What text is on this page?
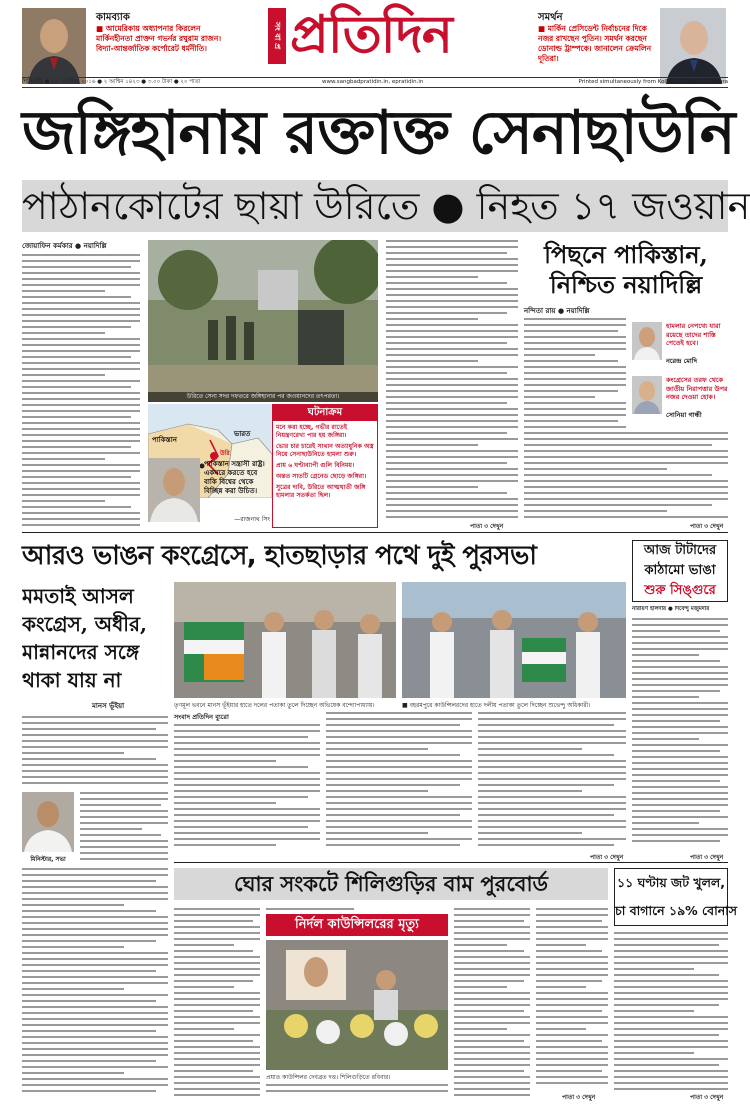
কামব্যাক
■ আমেরিকায় অধ্যাপনার কিরলেন মার্কিনহীনতা প্রাক্তন গভর্নর রঘুরাম রাজন। বিদ্যা-আন্তর্জাতিক কর্পোরেট ধর্মনীতি।	সং বা প্র প্রতিদিন	সমর্থন
■ মার্কিন প্রেসিডেন্ট নির্বাচনের দিকে নজর রাখছেন পুতিন। সমর্থন করছেন ডোনাল্ড ট্রাম্পকে। জানালেন ক্রেমলিন দূতিরা।
শিলিগুড়ি ● ১৯ সেপ্টেম্বর ২০১৬ ● ২ আশ্বিন ১৪২৩ ● ৩.০০ টাকা ● ২০ পাতা	www.sangbadpratidin.in, epratidin.in	Printed simultaneously from Kolkata, Siliguri & Barjora
জঙ্গিহানায় রক্তাক্ত সেনাছাউনি
পাঠানকোটের ছায়া উরিতে ● নিহত ১৭ জওয়ান
জোয়াফিন কর্মকার ● নয়াদিল্লি
উরিতে সেনা সদর দফতরে জঙ্গিহানার পর জওয়ানদের তৎপরতা।
পাকিস্তান
ভারত
উরি
ঘটনাক্রম
মনে করা হচ্ছে, গভীর রাতেই নিয়ন্ত্রণরেখা পার হয় জঙ্গিরা।
ভোর চার চারেই সাথান অত্যাধুনিক অস্ত্র নিয়ে সেনাছাউনিতে হামলা শুরু।
প্রায় ৬ ঘণ্টাব্যাপী গুলি বিনিময়।
অন্তত সাতটি গ্রেনেড ছোড়ে জঙ্গিরা।
সুত্রের দাবি, উরিতে আত্মঘাতী জঙ্গি হামলার সতর্কতা ছিল।
পাকিস্তান সন্ত্রাসী রাষ্ট্র। একঘরে করতে হবে বাকি বিশ্বের থেকে বিচ্ছিন্ন করা উচিত।
—রাজনাথ সিং
পাতা ৩ দেখুন
পিছনে পাকিস্তান,
নিশ্চিত নয়াদিল্লি
নন্দিতা রায় ● নয়াদিল্লি
হামলার নেপথ্যে যারা রয়েছে তাদের শাস্তি পেতেই হবে।
নরেন্দ্র মোদি
কংগ্রেসের তরফ থেকে জাতীয় নিরাপত্তার উপর নজর দেওয়া হোক।
সোনিয়া গান্ধী
পাতা ৩ দেখুন
আরও ভাঙন কংগ্রেসে, হাতছাড়ার পথে দুই পুরসভা
মমতাই আসল কংগ্রেস, অধীর, মান্নানদের সঙ্গে থাকা যায় না
মানস ভূঁইয়া
মিনিস্টার, সভা
তৃণমূল ভবনে মানস ভূঁইয়ার হাতে দলের পতাকা তুলে দিচ্ছেন অভিষেক বন্দ্যোপাধ্যায়।	■ বহরমপুরে কাউন্সিলরদের হাতে দলীয় পতাকা তুলে দিচ্ছেন শুভেন্দু অধিকারী।
সংবাদ প্রতিদিন ব্যুরো
পাতা ৩ দেখুন
আজ টাটাদের
কাঠামো ভাঙা
শুরু সিঙ্গুরে
নারায়ণ হালদার ● দিবেন্দু মজুমদার
পাতা ৩ দেখুন
ঘোর সংকটে শিলিগুড়ির বাম পুরবোর্ড
নির্দল কাউন্সিলরের মৃত্যু
প্রয়াত কাউন্সিলর দেবব্রত দত্ত। শিলিগুড়িতে রবিবার।
পাতা ৩ দেখুন
১১ ঘণ্টায় জট খুলল,
চা বাগানে ১৯% বোনাস
পাতা ৩ দেখুন
